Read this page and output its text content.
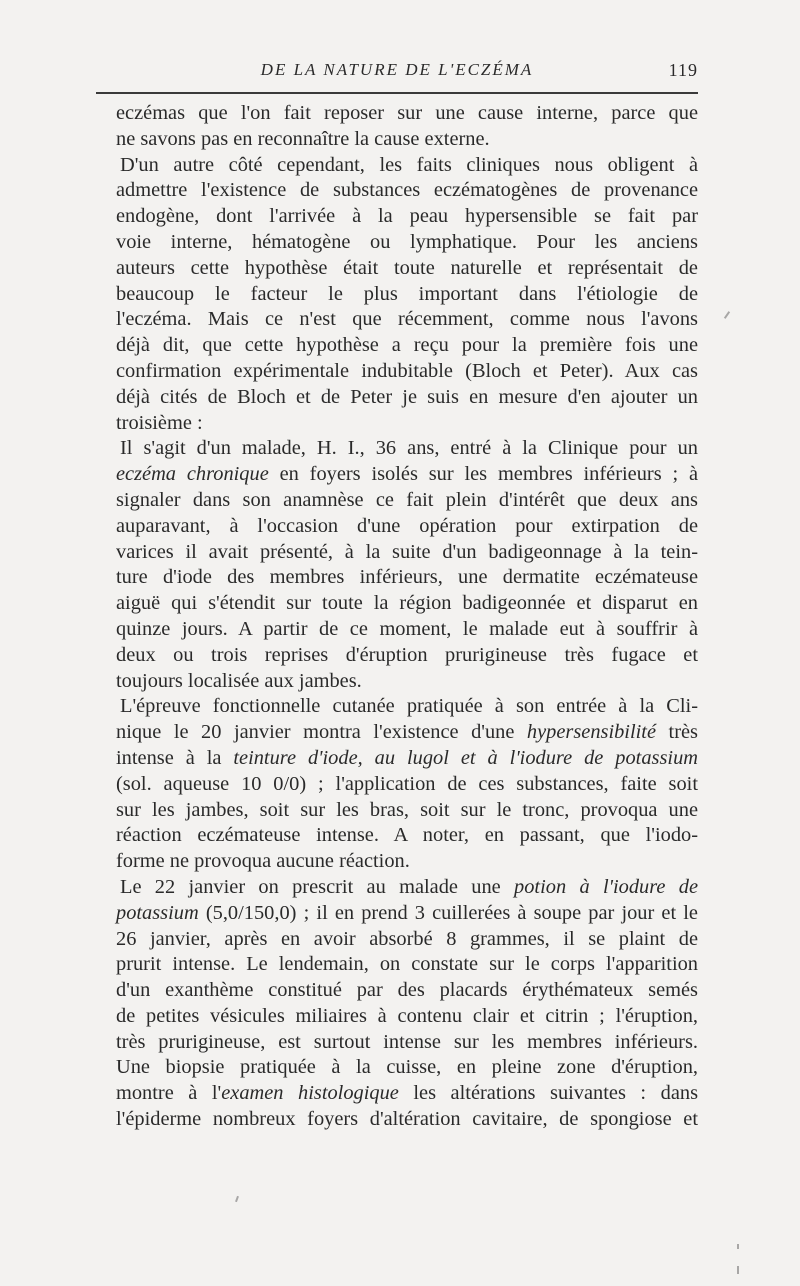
DE LA NATURE DE L'ECZÉMA	119
eczémas que l'on fait reposer sur une cause interne, parce que
ne savons pas en reconnaître la cause externe.
D'un autre côté cependant, les faits cliniques nous obligent à
admettre l'existence de substances eczématogènes de provenance
endogène, dont l'arrivée à la peau hypersensible se fait par
voie interne, hématogène ou lymphatique. Pour les anciens
auteurs cette hypothèse était toute naturelle et représentait de
beaucoup le facteur le plus important dans l'étiologie de
l'eczéma. Mais ce n'est que récemment, comme nous l'avons
déjà dit, que cette hypothèse a reçu pour la première fois une
confirmation expérimentale indubitable (Bloch et Peter). Aux cas
déjà cités de Bloch et de Peter je suis en mesure d'en ajouter un
troisième :
Il s'agit d'un malade, H. I., 36 ans, entré à la Clinique pour un
eczéma chronique en foyers isolés sur les membres inférieurs ; à
signaler dans son anamnèse ce fait plein d'intérêt que deux ans
auparavant, à l'occasion d'une opération pour extirpation de
varices il avait présenté, à la suite d'un badigeonnage à la tein-
ture d'iode des membres inférieurs, une dermatite eczémateuse
aiguë qui s'étendit sur toute la région badigeonnée et disparut en
quinze jours. A partir de ce moment, le malade eut à souffrir à
deux ou trois reprises d'éruption prurigineuse très fugace et
toujours localisée aux jambes.
L'épreuve fonctionnelle cutanée pratiquée à son entrée à la Cli-
nique le 20 janvier montra l'existence d'une hypersensibilité très
intense à la teinture d'iode, au lugol et à l'iodure de potassium
(sol. aqueuse 10 0/0) ; l'application de ces substances, faite soit
sur les jambes, soit sur les bras, soit sur le tronc, provoqua une
réaction eczémateuse intense. A noter, en passant, que l'iodo-
forme ne provoqua aucune réaction.
Le 22 janvier on prescrit au malade une potion à l'iodure de
potassium (5,0/150,0) ; il en prend 3 cuillerées à soupe par jour et le
26 janvier, après en avoir absorbé 8 grammes, il se plaint de
prurit intense. Le lendemain, on constate sur le corps l'apparition
d'un exanthème constitué par des placards érythémateux semés
de petites vésicules miliaires à contenu clair et citrin ; l'éruption,
très prurigineuse, est surtout intense sur les membres inférieurs.
Une biopsie pratiquée à la cuisse, en pleine zone d'éruption,
montre à l'examen histologique les altérations suivantes : dans
l'épiderme nombreux foyers d'altération cavitaire, de spongiose et
